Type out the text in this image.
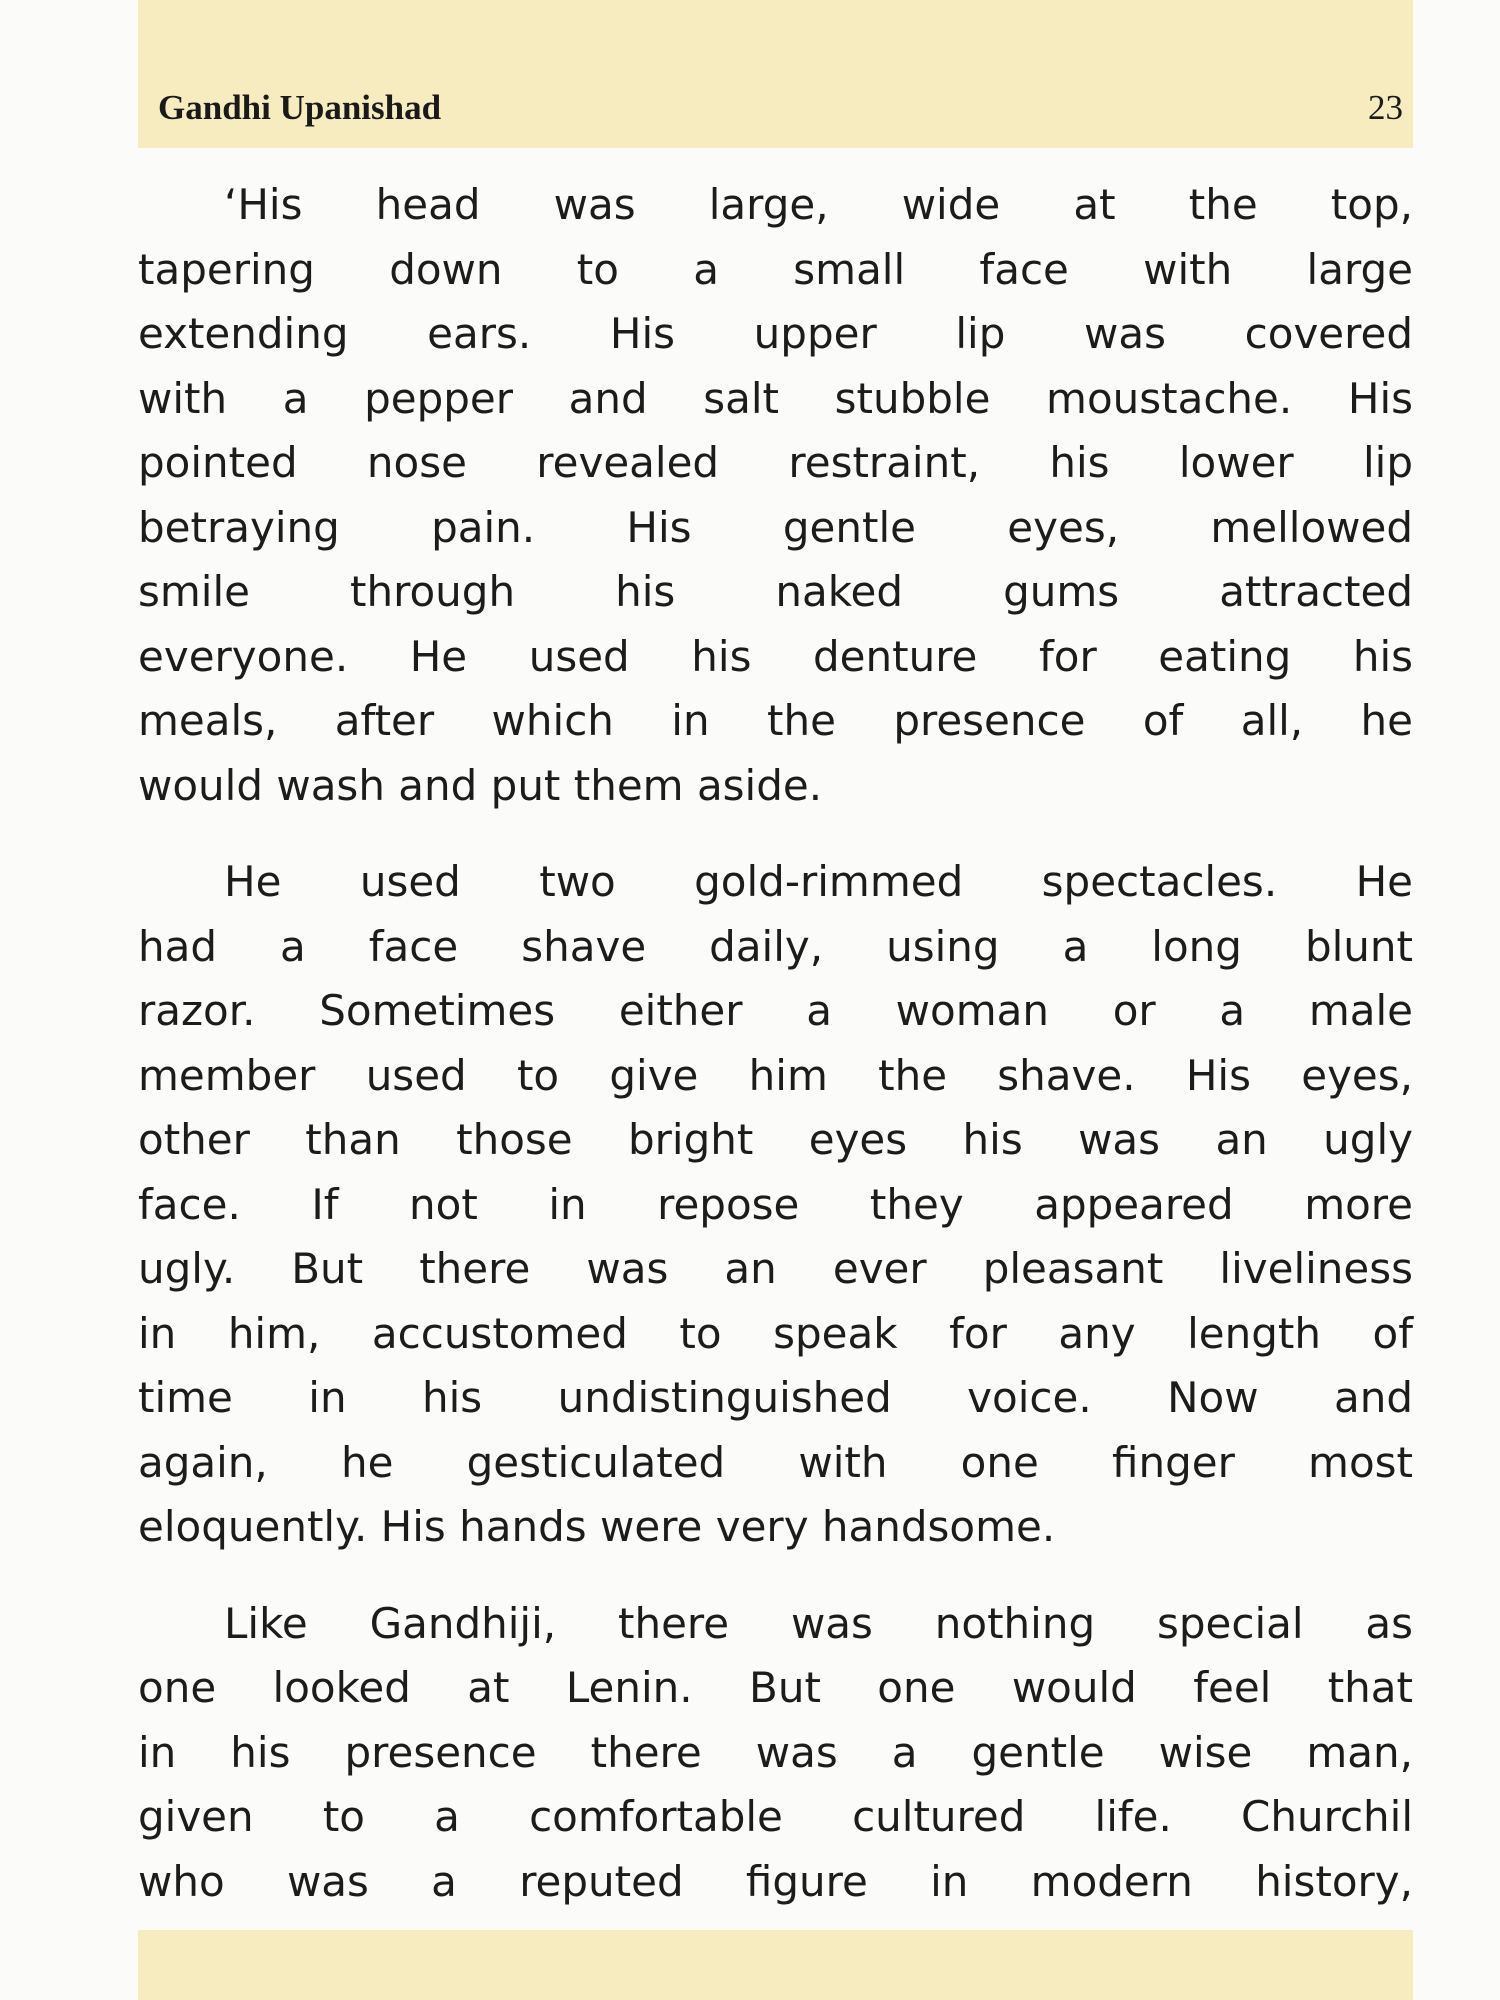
Gandhi Upanishad	23
‘His head was large, wide at the top,
tapering down to a small face with large
extending ears. His upper lip was covered
with a pepper and salt stubble moustache. His
pointed nose revealed restraint, his lower lip
betraying pain. His gentle eyes, mellowed
smile through his naked gums attracted
everyone. He used his denture for eating his
meals, after which in the presence of all, he
would wash and put them aside.
He used two gold-rimmed spectacles. He
had a face shave daily, using a long blunt
razor. Sometimes either a woman or a male
member used to give him the shave. His eyes,
other than those bright eyes his was an ugly
face. If not in repose they appeared more
ugly. But there was an ever pleasant liveliness
in him, accustomed to speak for any length of
time in his undistinguished voice. Now and
again, he gesticulated with one finger most
eloquently. His hands were very handsome.
Like Gandhiji, there was nothing special as
one looked at Lenin. But one would feel that
in his presence there was a gentle wise man,
given to a comfortable cultured life. Churchil
who was a reputed figure in modern history,
